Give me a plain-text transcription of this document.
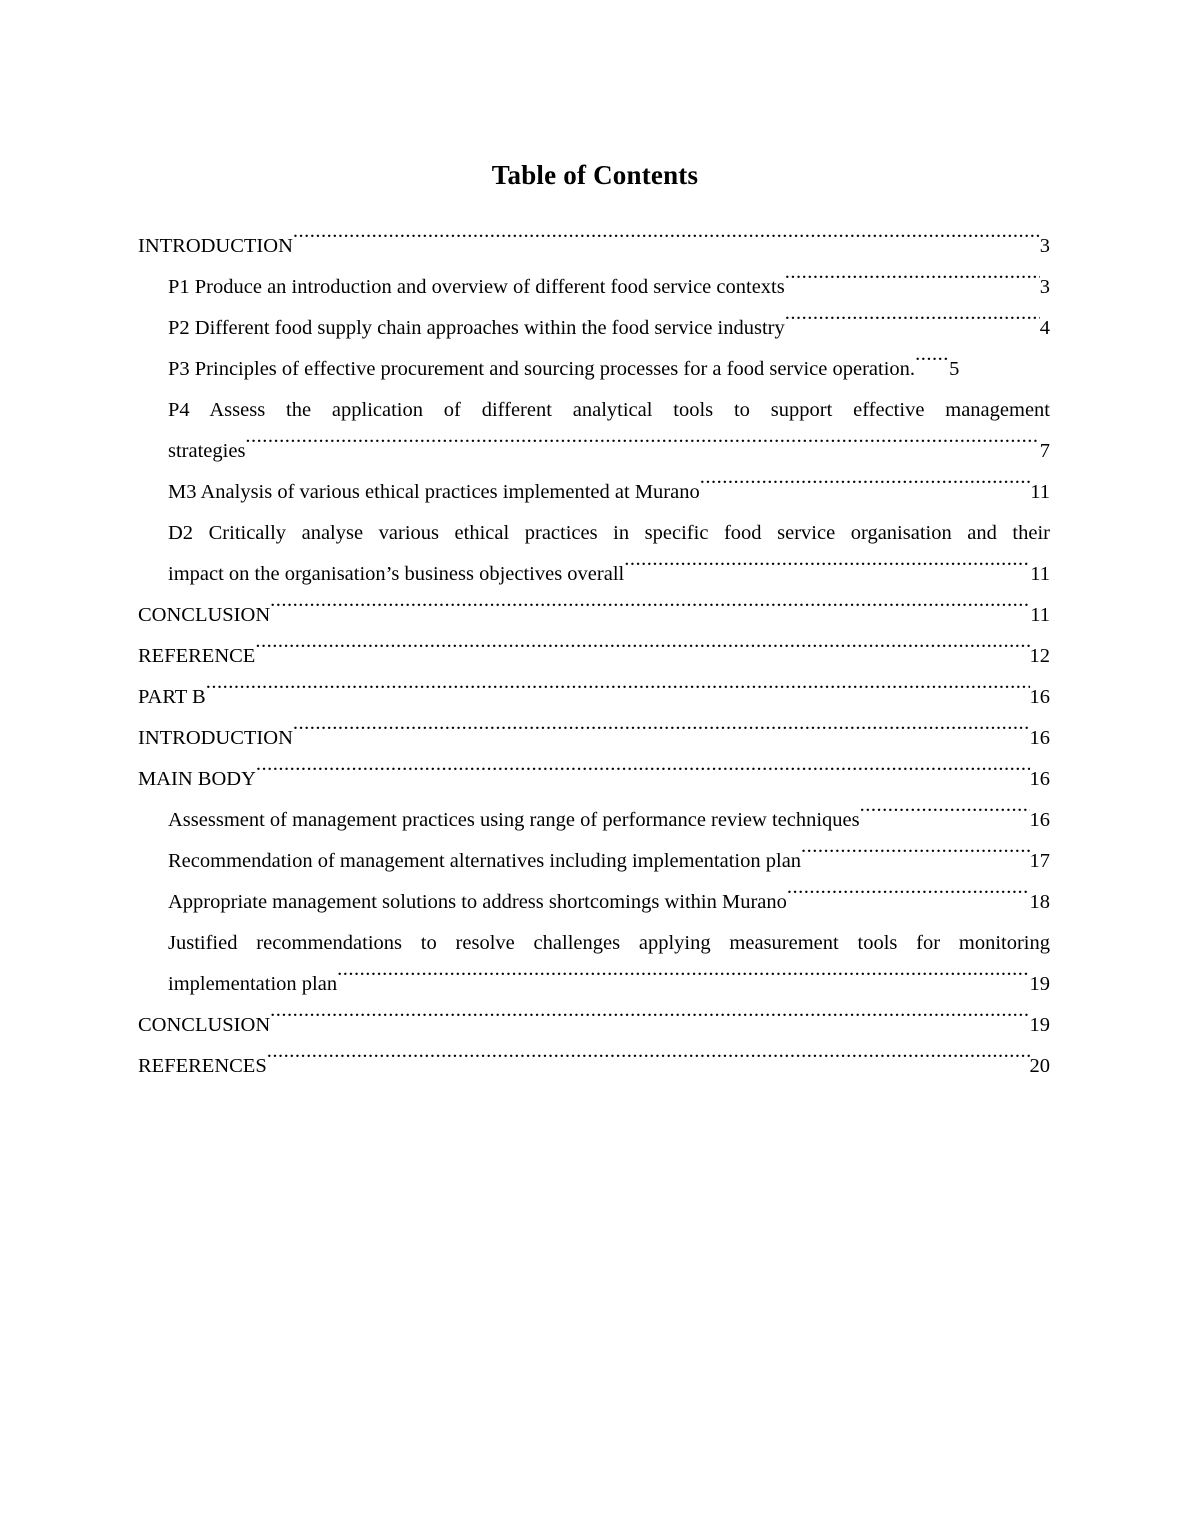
Table of Contents
INTRODUCTION .....	3
P1 Produce an introduction and overview of different food service contexts .....	3
P2 Different food supply chain approaches within the food service industry .....	4
P3 Principles of effective procurement and sourcing processes for a food service operation. ..... 5
P4 Assess the application of different analytical tools to support effective management
strategies .....	7
M3 Analysis of various ethical practices implemented at Murano .....	11
D2 Critically analyse various ethical practices in specific food service organisation and their
impact on the organisation’s business objectives overall .....	11
CONCLUSION .....	11
REFERENCE .....	12
PART B .....	16
INTRODUCTION .....	16
MAIN BODY .....	16
Assessment of management practices using range of performance review techniques .....	16
Recommendation of management alternatives including implementation plan .....	17
Appropriate management solutions to address shortcomings within Murano .....	18
Justified recommendations to resolve challenges applying measurement tools for monitoring
implementation plan .....	19
CONCLUSION .....	19
REFERENCES .....	20
